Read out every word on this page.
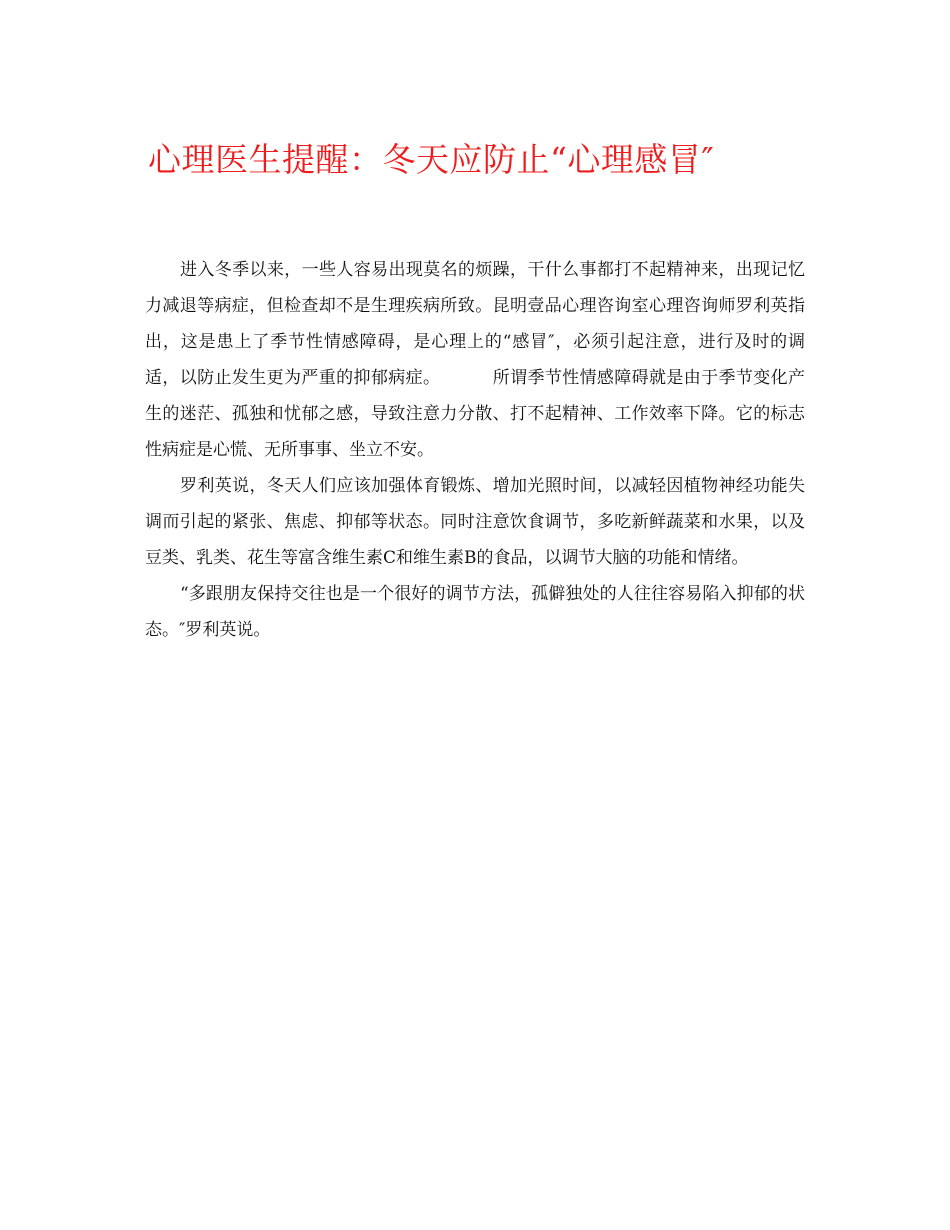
心理医生提醒：冬天应防止“心理感冒″

进入冬季以来，一些人容易出现莫名的烦躁，干什么事都打不起精神来，出现记忆力减退等病症，但检查却不是生理疾病所致。昆明壹品心理咨询室心理咨询师罗利英指出，这是患上了季节性情感障碍，是心理上的“感冒″，必须引起注意，进行及时的调适，以防止发生更为严重的抑郁病症。	所谓季节性情感障碍就是由于季节变化产生的迷茫、孤独和忧郁之感，导致注意力分散、打不起精神、工作效率下降。它的标志性病症是心慌、无所事事、坐立不安。

罗利英说，冬天人们应该加强体育锻炼、增加光照时间，以减轻因植物神经功能失调而引起的紧张、焦虑、抑郁等状态。同时注意饮食调节，多吃新鲜蔬菜和水果，以及豆类、乳类、花生等富含维生素C和维生素B的食品，以调节大脑的功能和情绪。

“多跟朋友保持交往也是一个很好的调节方法，孤僻独处的人往往容易陷入抑郁的状态。″罗利英说。
